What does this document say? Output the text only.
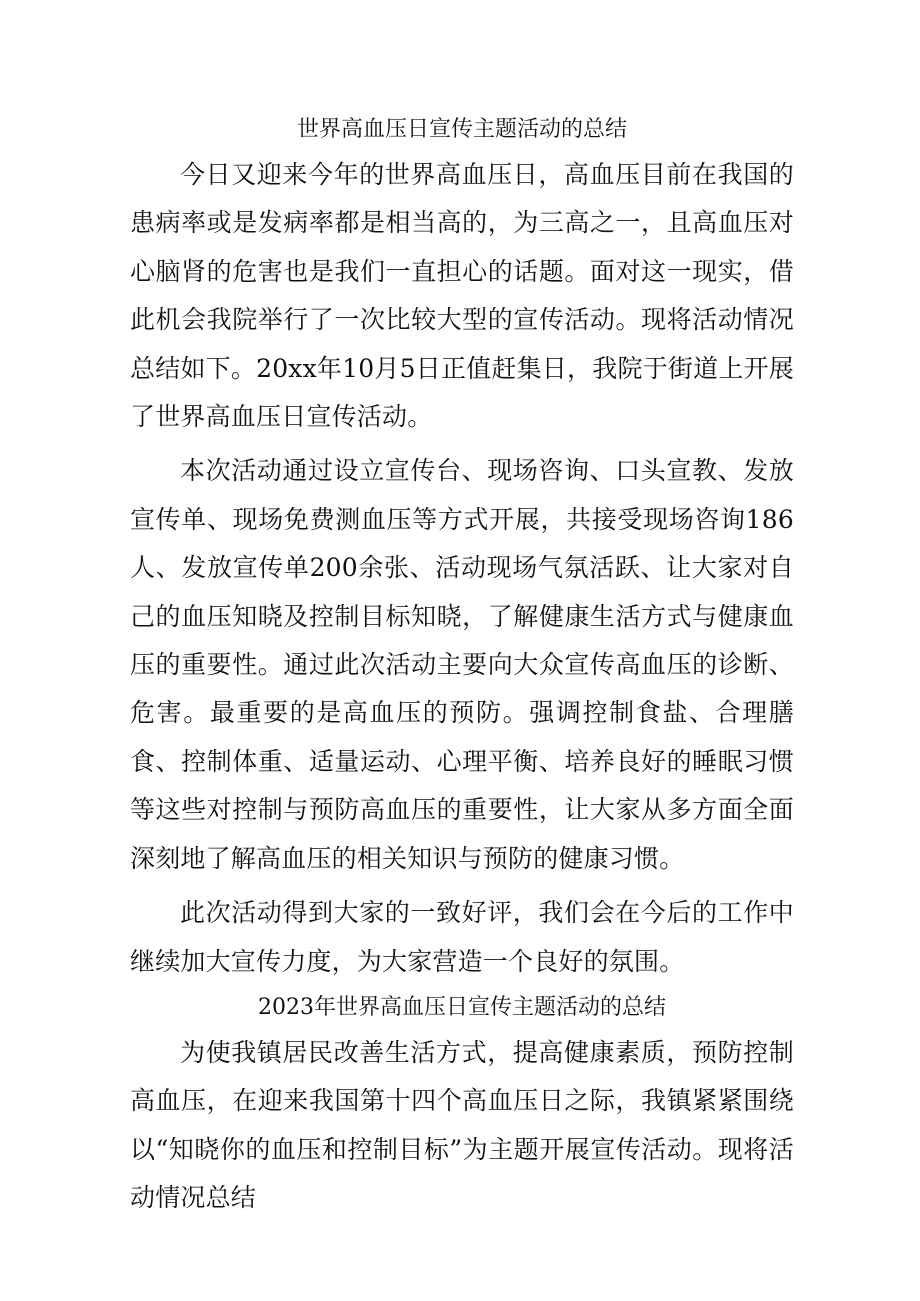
世界高血压日宣传主题活动的总结

今日又迎来今年的世界高血压日，高血压目前在我国的患病率或是发病率都是相当高的，为三高之一，且高血压对心脑肾的危害也是我们一直担心的话题。面对这一现实，借此机会我院举行了一次比较大型的宣传活动。现将活动情况总结如下。20xx年10月5日正值赶集日，我院于街道上开展了世界高血压日宣传活动。

本次活动通过设立宣传台、现场咨询、口头宣教、发放宣传单、现场免费测血压等方式开展，共接受现场咨询186人、发放宣传单200余张、活动现场气氛活跃、让大家对自己的血压知晓及控制目标知晓，了解健康生活方式与健康血压的重要性。通过此次活动主要向大众宣传高血压的诊断、危害。最重要的是高血压的预防。强调控制食盐、合理膳食、控制体重、适量运动、心理平衡、培养良好的睡眠习惯等这些对控制与预防高血压的重要性，让大家从多方面全面深刻地了解高血压的相关知识与预防的健康习惯。

此次活动得到大家的一致好评，我们会在今后的工作中继续加大宣传力度，为大家营造一个良好的氛围。

2023年世界高血压日宣传主题活动的总结

为使我镇居民改善生活方式，提高健康素质，预防控制高血压，在迎来我国第十四个高血压日之际，我镇紧紧围绕以“知晓你的血压和控制目标”为主题开展宣传活动。现将活动情况总结
